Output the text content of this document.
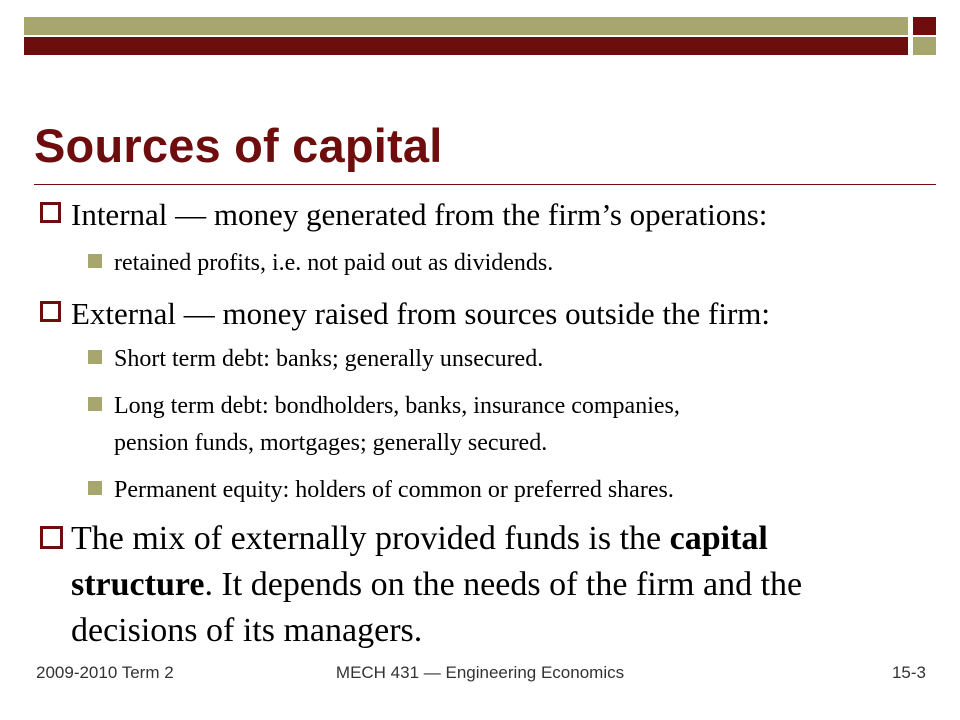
Sources of capital
Internal — money generated from the firm’s operations:
retained profits, i.e. not paid out as dividends.
External — money raised from sources outside the firm:
Short term debt: banks; generally unsecured.
Long term debt: bondholders, banks, insurance companies,
pension funds, mortgages; generally secured.
Permanent equity: holders of common or preferred shares.
The mix of externally provided funds is the capital
structure. It depends on the needs of the firm and the
decisions of its managers.
2009-2010 Term 2	MECH 431 — Engineering Economics	15-3
